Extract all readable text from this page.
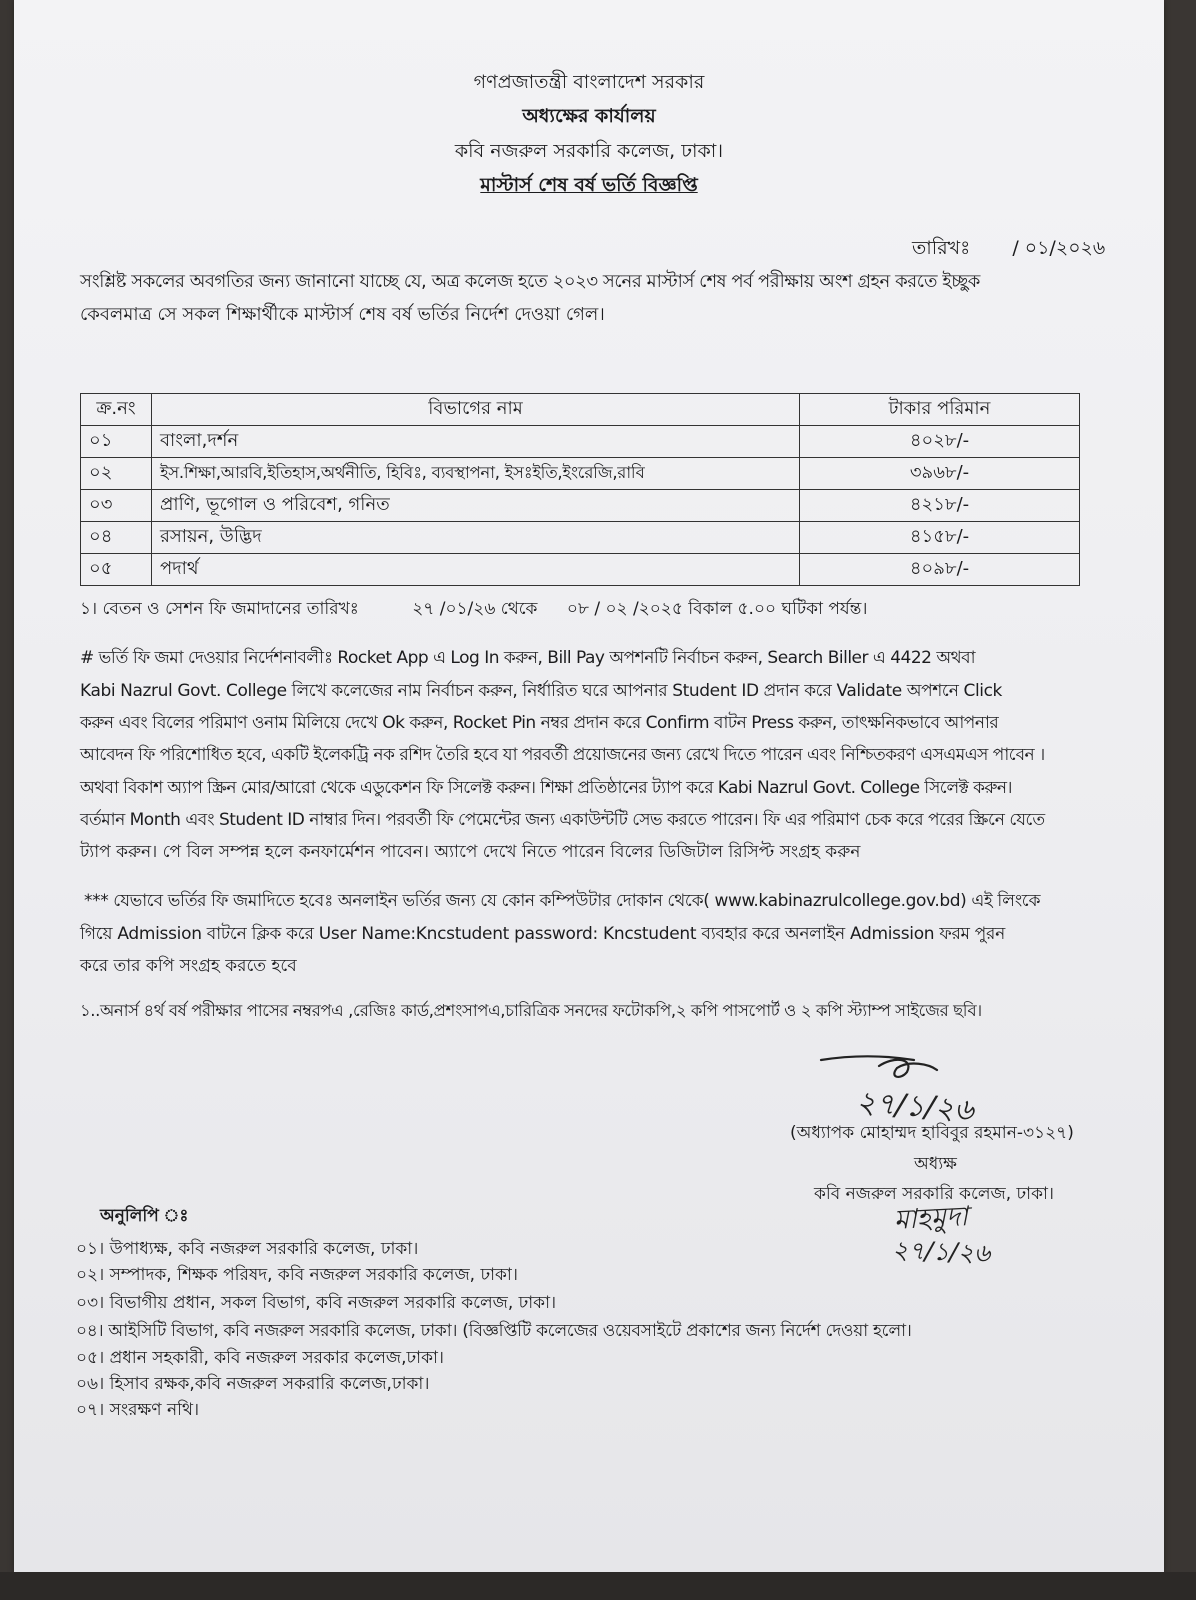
গণপ্রজাতন্ত্রী বাংলাদেশ সরকার
অধ্যক্ষের কার্যালয়
কবি নজরুল সরকারি কলেজ, ঢাকা।
মাস্টার্স শেষ বর্ষ ভর্তি বিজ্ঞপ্তি
তারিখঃ / ০১/২০২৬
সংশ্লিষ্ট সকলের অবগতির জন্য জানানো যাচ্ছে যে, অত্র কলেজ হতে ২০২৩ সনের মাস্টার্স শেষ পর্ব পরীক্ষায় অংশ গ্রহন করতে ইচ্ছুক
কেবলমাত্র সে সকল শিক্ষার্থীকে মাস্টার্স শেষ বর্ষ ভর্তির নির্দেশ দেওয়া গেল।
ক্র.নং	বিভাগের নাম	টাকার পরিমান
০১	বাংলা,দর্শন	৪০২৮/-
০২	ইস.শিক্ষা,আরবি,ইতিহাস,অর্থনীতি, হিবিঃ, ব্যবস্থাপনা, ইসঃইতি,ইংরেজি,রাবি	৩৯৬৮/-
০৩	প্রাণি, ভূগোল ও পরিবেশ, গনিত	৪২১৮/-
০৪	রসায়ন, উদ্ভিদ	৪১৫৮/-
০৫	পদার্থ	৪০৯৮/-
১। বেতন ও সেশন ফি জমাদানের তারিখঃ	২৭ /০১/২৬ থেকে ০৮ / ০২ /২০২৫ বিকাল ৫.০০ ঘটিকা পর্যন্ত।
# ভর্তি ফি জমা দেওয়ার নির্দেশনাবলীঃ Rocket App এ Log In করুন, Bill Pay অপশনটি নির্বাচন করুন, Search Biller এ 4422 অথবা
Kabi Nazrul Govt. College লিখে কলেজের নাম নির্বাচন করুন, নির্ধারিত ঘরে আপনার Student ID প্রদান করে Validate অপশনে Click
করুন এবং বিলের পরিমাণ ওনাম মিলিয়ে দেখে Ok করুন, Rocket Pin নম্বর প্রদান করে Confirm বাটন Press করুন, তাৎক্ষনিকভাবে আপনার
আবেদন ফি পরিশোধিত হবে, একটি ইলেকট্রি নক রশিদ তৈরি হবে যা পরবর্তী প্রয়োজনের জন্য রেখে দিতে পারেন এবং নিশ্চিতকরণ এসএমএস পাবেন ।
অথবা বিকাশ অ্যাপ স্ক্রিন মোর/আরো থেকে এডুকেশন ফি সিলেক্ট করুন। শিক্ষা প্রতিষ্ঠানের ট্যাপ করে Kabi Nazrul Govt. College সিলেক্ট করুন।
বর্তমান Month এবং Student ID নাম্বার দিন। পরবর্তী ফি পেমেন্টের জন্য একাউন্টটি সেভ করতে পারেন। ফি এর পরিমাণ চেক করে পরের স্ক্রিনে যেতে
ট্যাপ করুন। পে বিল সম্পন্ন হলে কনফার্মেশন পাবেন। অ্যাপে দেখে নিতে পারেন বিলের ডিজিটাল রিসিপ্ট সংগ্রহ করুন
*** যেভাবে ভর্তির ফি জমাদিতে হবেঃ অনলাইন ভর্তির জন্য যে কোন কম্পিউটার দোকান থেকে( www.kabinazrulcollege.gov.bd) এই লিংকে
গিয়ে Admission বাটনে ক্লিক করে User Name:Kncstudent password: Kncstudent ব্যবহার করে অনলাইন Admission ফরম পুরন
করে তার কপি সংগ্রহ করতে হবে
১..অনার্স ৪র্থ বর্ষ পরীক্ষার পাসের নম্বরপএ ,রেজিঃ কার্ড,প্রশংসাপএ,চারিত্রিক সনদের ফটোকপি,২ কপি পাসপোর্ট ও ২ কপি স্ট্যাম্প সাইজের ছবি।
২৭/১/২৬
(অধ্যাপক মোহাম্মদ হাবিবুর রহমান-৩১২৭)
অধ্যক্ষ
কবি নজরুল সরকারি কলেজ, ঢাকা।
মাহমুদা
২৭/১/২৬
অনুলিপি ঃ
০১। উপাধ্যক্ষ, কবি নজরুল সরকারি কলেজ, ঢাকা।
০২। সম্পাদক, শিক্ষক পরিষদ, কবি নজরুল সরকারি কলেজ, ঢাকা।
০৩। বিভাগীয় প্রধান, সকল বিভাগ, কবি নজরুল সরকারি কলেজ, ঢাকা।
০৪। আইসিটি বিভাগ, কবি নজরুল সরকারি কলেজ, ঢাকা। (বিজ্ঞপ্তিটি কলেজের ওয়েবসাইটে প্রকাশের জন্য নির্দেশ দেওয়া হলো।
০৫। প্রধান সহকারী, কবি নজরুল সরকার কলেজ,ঢাকা।
০৬। হিসাব রক্ষক,কবি নজরুল সকরারি কলেজ,ঢাকা।
০৭। সংরক্ষণ নথি।
